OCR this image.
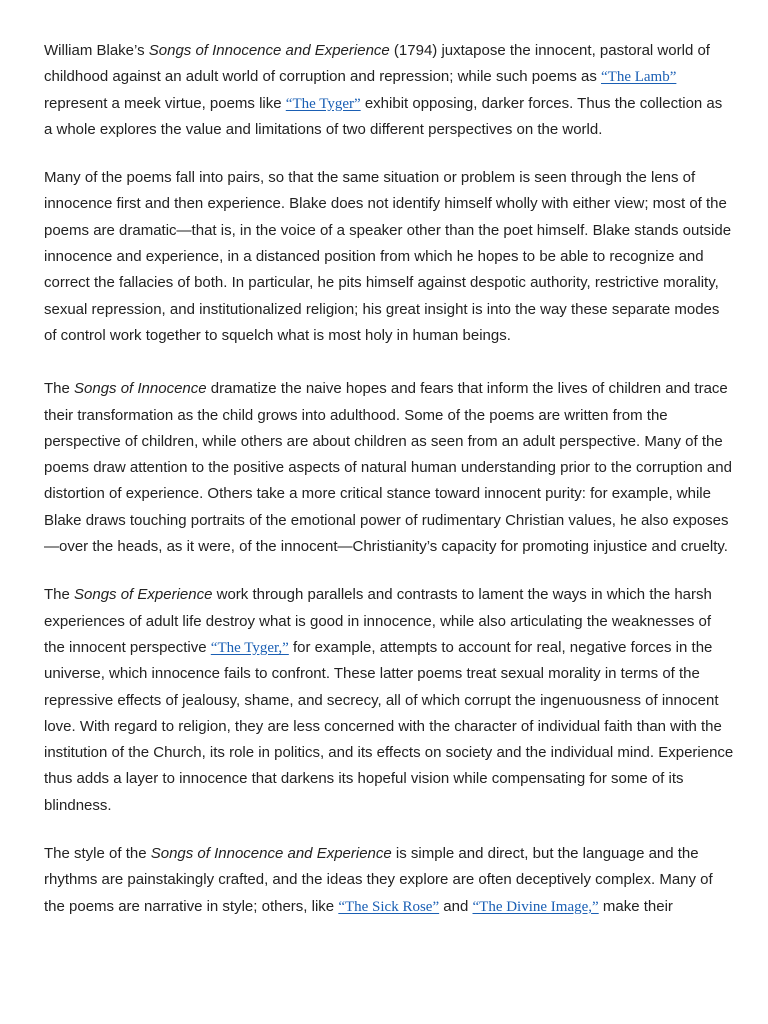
William Blake’s Songs of Innocence and Experience (1794) juxtapose the innocent, pastoral world of childhood against an adult world of corruption and repression; while such poems as “The Lamb” represent a meek virtue, poems like “The Tyger” exhibit opposing, darker forces. Thus the collection as a whole explores the value and limitations of two different perspectives on the world.

Many of the poems fall into pairs, so that the same situation or problem is seen through the lens of innocence first and then experience. Blake does not identify himself wholly with either view; most of the poems are dramatic—that is, in the voice of a speaker other than the poet himself. Blake stands outside innocence and experience, in a distanced position from which he hopes to be able to recognize and correct the fallacies of both. In particular, he pits himself against despotic authority, restrictive morality, sexual repression, and institutionalized religion; his great insight is into the way these separate modes of control work together to squelch what is most holy in human beings.

The Songs of Innocence dramatize the naive hopes and fears that inform the lives of children and trace their transformation as the child grows into adulthood. Some of the poems are written from the perspective of children, while others are about children as seen from an adult perspective. Many of the poems draw attention to the positive aspects of natural human understanding prior to the corruption and distortion of experience. Others take a more critical stance toward innocent purity: for example, while Blake draws touching portraits of the emotional power of rudimentary Christian values, he also exposes—over the heads, as it were, of the innocent—Christianity’s capacity for promoting injustice and cruelty.

The Songs of Experience work through parallels and contrasts to lament the ways in which the harsh experiences of adult life destroy what is good in innocence, while also articulating the weaknesses of the innocent perspective “The Tyger,” for example, attempts to account for real, negative forces in the universe, which innocence fails to confront. These latter poems treat sexual morality in terms of the repressive effects of jealousy, shame, and secrecy, all of which corrupt the ingenuousness of innocent love. With regard to religion, they are less concerned with the character of individual faith than with the institution of the Church, its role in politics, and its effects on society and the individual mind. Experience thus adds a layer to innocence that darkens its hopeful vision while compensating for some of its blindness.

The style of the Songs of Innocence and Experience is simple and direct, but the language and the rhythms are painstakingly crafted, and the ideas they explore are often deceptively complex. Many of the poems are narrative in style; others, like “The Sick Rose” and “The Divine Image,” make their
